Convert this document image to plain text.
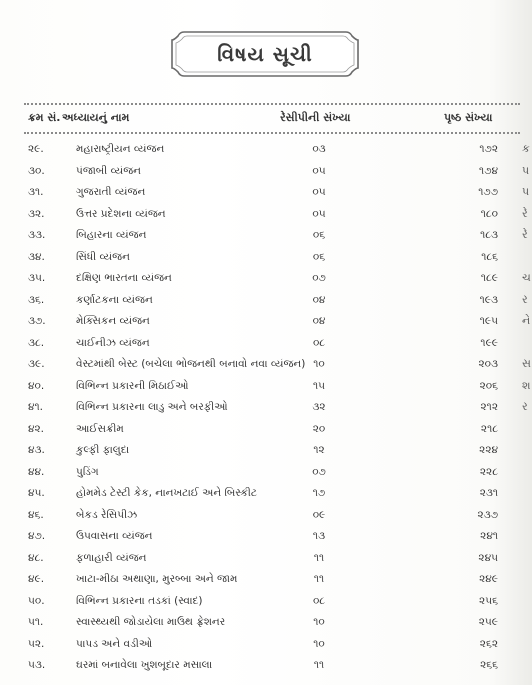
વિષય સૂચી
ક્રમ સં. અધ્યાયનું નામ	રેસીપીની સંખ્યા	પૃષ્ઠ સંખ્યા
૨૯.	મહારાષ્ટ્રીયન વ્યંજન	૦૩	૧૭૨
૩૦.	પંજાબી વ્યંજન	૦૫	૧૭૪
૩૧.	ગુજરાતી વ્યંજન	૦૫	૧૭૭
૩૨.	ઉત્તર પ્રદેશના વ્યંજન	૦૫	૧૮૦
૩૩.	બિહારના વ્યંજન	૦૬	૧૮૩
૩૪.	સિંધી વ્યંજન	૦૬	૧૮૬
૩૫.	દક્ષિણ ભારતના વ્યંજન	૦૭	૧૮૯
૩૬.	કર્ણાટકના વ્યંજન	૦૪	૧૯૩
૩૭.	મેક્સિકન વ્યંજન	૦૪	૧૯૫
૩૮.	ચાઈનીઝ વ્યંજન	૦૮	૧૯૯
૩૯.	વેસ્ટમાંથી બેસ્ટ (બચેલા ભોજનથી બનાવો નવા વ્યંજન) ૧૦	૨૦૩
૪૦.	વિભિન્ન પ્રકારની મિઠાઈઓ	૧૫	૨૦૬
૪૧.	વિભિન્ન પ્રકારના લાડુ અને બરફીઓ	૩૨	૨૧૨
૪૨.	આઈસક્રીમ	૨૦	૨૧૮
૪૩.	કુલ્ફી ફાલુદા	૧૨	૨૨૪
૪૪.	પુડિંગ	૦૭	૨૨૮
૪૫.	હોમમેડ ટેસ્ટી કેક, નાનખટાઈ અને બિસ્કીટ	૧૭	૨૩૧
૪૬.	બેકડ રેસિપીઝ	૦૯	૨૩૭
૪૭.	ઉપવાસના વ્યંજન	૧૩	૨૪૧
૪૮.	ફળાહારી વ્યંજન	૧૧	૨૪૫
૪૯.	ખાટા-મીઠા અથાણા, મુરબ્બા અને જામ	૧૧	૨૪૯
૫૦.	વિભિન્ન પ્રકારના તડકાં (સ્વાદ)	૦૮	૨૫૬
૫૧.	સ્વાસ્થ્યથી જોડાયેલા માઉથ ફ્રેશનર	૧૦	૨૫૯
૫૨.	પાપડ અને વડીઓ	૧૦	૨૬૨
૫૩.	ઘરમાં બનાવેલા ખુશબૂદાર મસાલા	૧૧	૨૬૬
ક
પ
પ
રે
રે
ચ
ર
ને
સ
શ
ર
